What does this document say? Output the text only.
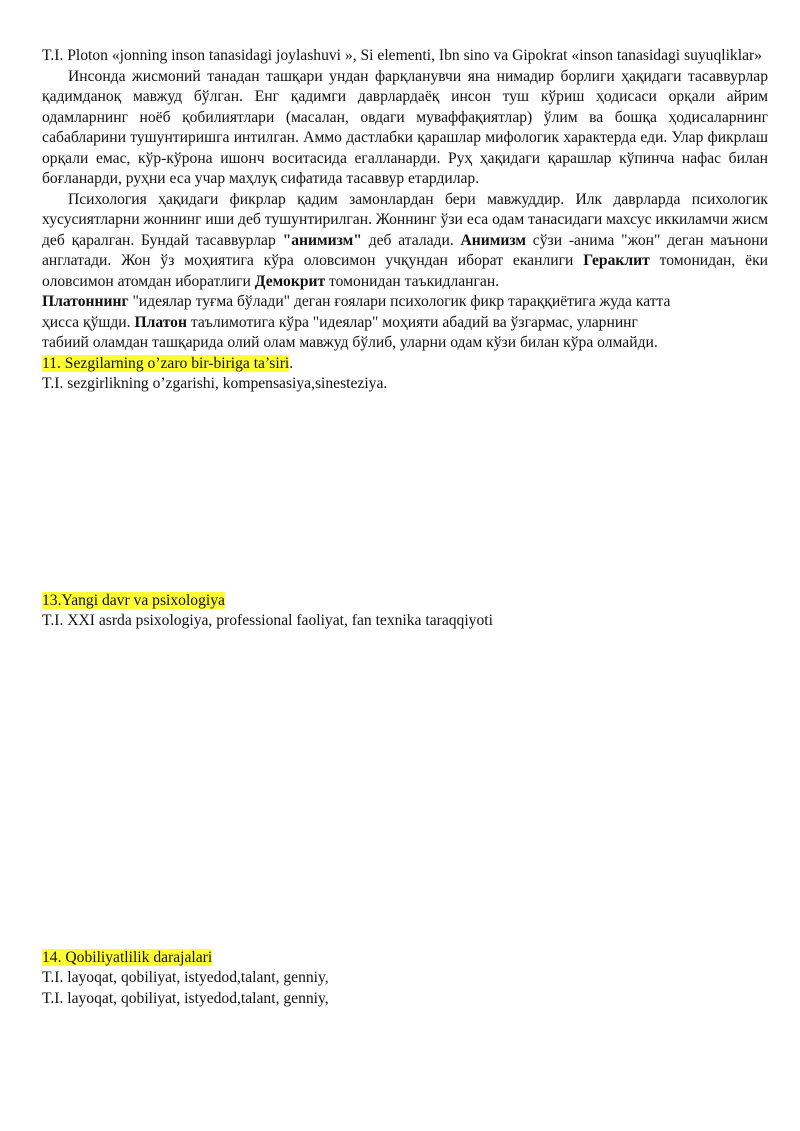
T.I. Ploton «jonning inson tanasidagi joylashuvi », Si elementi, Ibn sino va Gipokrat «inson tanasidagi suyuqliklar»

Инсонда жисмоний танадан ташқари ундан фарқланувчи яна нимадир борлиги ҳақидаги тасаввурлар қадимданоқ мавжуд бўлган. Енг қадимги даврлардаёқ инсон туш кўриш ҳодисаси орқали айрим одамларнинг ноёб қобилиятлари (масалан, овдаги муваффақиятлар) ўлим ва бошқа ҳодисаларнинг сабабларини тушунтиришга интилган. Аммо дастлабки қарашлар мифологик характерда еди. Улар фикрлаш орқали емас, кўр-кўрона ишонч воситасида егалланарди. Руҳ ҳақидаги қарашлар кўпинча нафас билан боғланарди, руҳни еса учар маҳлуқ сифатида тасаввур етардилар.

Психология ҳақидаги фикрлар қадим замонлардан бери мавжуддир. Илк даврларда психологик хусусиятларни жоннинг иши деб тушунтирилган. Жоннинг ўзи еса одам танасидаги махсус иккиламчи жисм деб қаралган. Бундай тасаввурлар "анимизм" деб аталади. Анимизм сўзи -анима "жон" деган маънони англатади. Жон ўз моҳиятига кўра оловсимон учқундан иборат еканлиги Гераклит томонидан, ёки оловсимон атомдан иборатлиги Демокрит томонидан таъкидланган.

Платоннинг "идеялар туғма бўлади" деган ғоялари психологик фикр тараққиётига жуда катта

ҳисса қўшди. Платон таълимотига кўра "идеялар" моҳияти абадий ва ўзгармас, уларнинг

табиий оламдан ташқарида олий олам мавжуд бўлиб, уларни одам кўзи билан кўра олмайди.

11. Sezgilarning o’zaro bir-biriga ta’siri.

T.I. sezgirlikning o’zgarishi, kompensasiya,sinesteziya.

13.Yangi davr va psixologiya

T.I. XXI asrda psixologiya, professional faoliyat, fan texnika taraqqiyoti

14. Qobiliyatlilik darajalari

T.I. layoqat, qobiliyat, istyedod,talant, genniy,

T.I. layoqat, qobiliyat, istyedod,talant, genniy,
